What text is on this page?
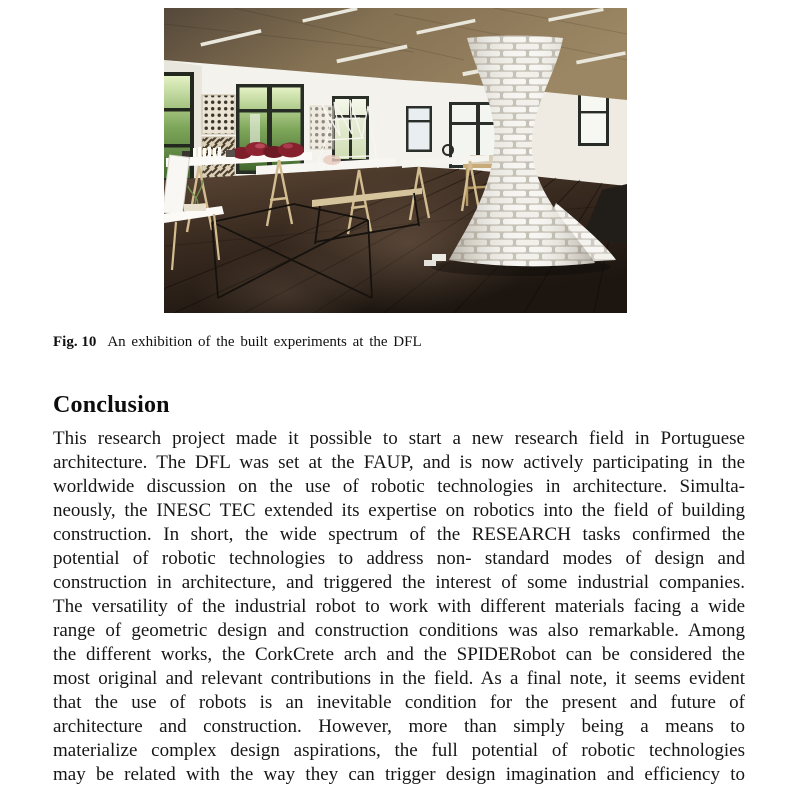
Fig. 10 An exhibition of the built experiments at the DFL
Conclusion
This research project made it possible to start a new research field in Portuguese
architecture. The DFL was set at the FAUP, and is now actively participating in the
worldwide discussion on the use of robotic technologies in architecture. Simulta-
neously, the INESC TEC extended its expertise on robotics into the field of building
construction. In short, the wide spectrum of the RESEARCH tasks confirmed the
potential of robotic technologies to address non- standard modes of design and
construction in architecture, and triggered the interest of some industrial companies.
The versatility of the industrial robot to work with different materials facing a wide
range of geometric design and construction conditions was also remarkable. Among
the different works, the CorkCrete arch and the SPIDERobot can be considered the
most original and relevant contributions in the field. As a final note, it seems evident
that the use of robots is an inevitable condition for the present and future of
architecture and construction. However, more than simply being a means to
materialize complex design aspirations, the full potential of robotic technologies
may be related with the way they can trigger design imagination and efficiency to
